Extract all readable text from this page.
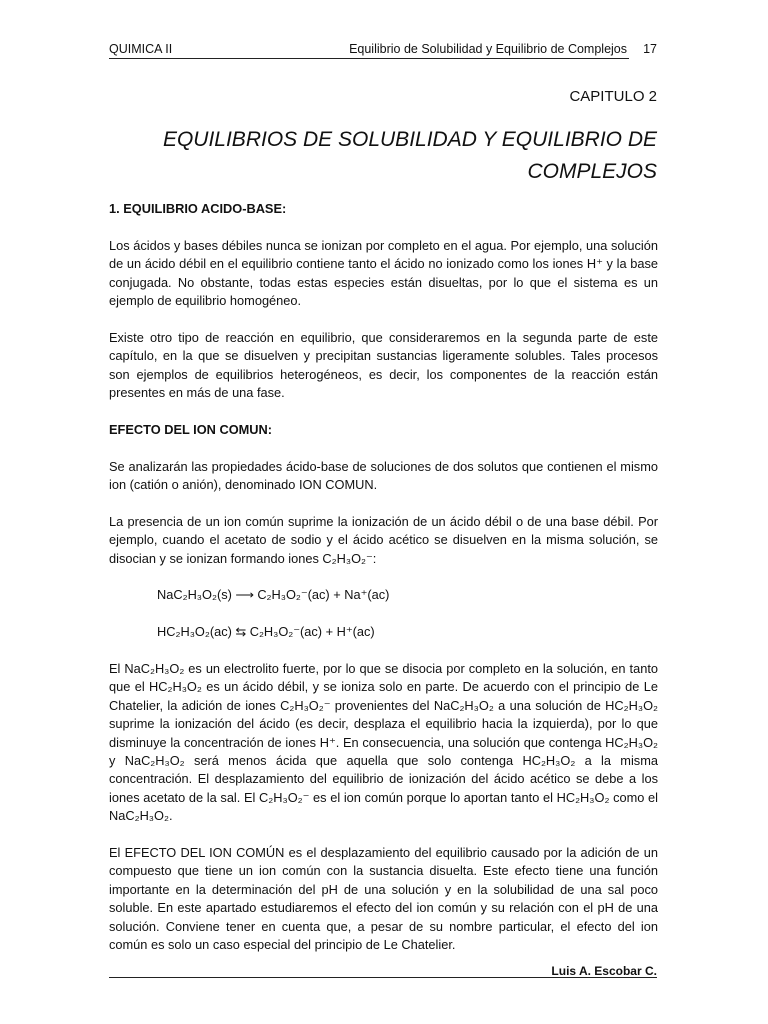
QUIMICA II	Equilibrio de Solubilidad y Equilibrio de Complejos 17
CAPITULO 2
EQUILIBRIOS DE SOLUBILIDAD Y EQUILIBRIO DE
COMPLEJOS

1. EQUILIBRIO ACIDO-BASE:

Los ácidos y bases débiles nunca se ionizan por completo en el agua. Por ejemplo, una solución de un ácido débil en el equilibrio contiene tanto el ácido no ionizado como los iones H⁺ y la base conjugada. No obstante, todas estas especies están disueltas, por lo que el sistema es un ejemplo de equilibrio homogéneo.

Existe otro tipo de reacción en equilibrio, que consideraremos en la segunda parte de este capítulo, en la que se disuelven y precipitan sustancias ligeramente solubles. Tales procesos son ejemplos de equilibrios heterogéneos, es decir, los componentes de la reacción están presentes en más de una fase.

EFECTO DEL ION COMUN:

Se analizarán las propiedades ácido-base de soluciones de dos solutos que contienen el mismo ion (catión o anión), denominado ION COMUN.

La presencia de un ion común suprime la ionización de un ácido débil o de una base débil. Por ejemplo, cuando el acetato de sodio y el ácido acético se disuelven en la misma solución, se disocian y se ionizan formando iones C₂H₃O₂⁻:

NaC₂H₃O₂(s) ⟶ C₂H₃O₂⁻(ac) + Na⁺(ac)

HC₂H₃O₂(ac) ⇆ C₂H₃O₂⁻(ac) + H⁺(ac)

El NaC₂H₃O₂ es un electrolito fuerte, por lo que se disocia por completo en la solución, en tanto que el HC₂H₃O₂ es un ácido débil, y se ioniza solo en parte. De acuerdo con el principio de Le Chatelier, la adición de iones C₂H₃O₂⁻ provenientes del NaC₂H₃O₂ a una solución de HC₂H₃O₂ suprime la ionización del ácido (es decir, desplaza el equilibrio hacia la izquierda), por lo que disminuye la concentración de iones H⁺. En consecuencia, una solución que contenga HC₂H₃O₂ y NaC₂H₃O₂ será menos ácida que aquella que solo contenga HC₂H₃O₂ a la misma concentración. El desplazamiento del equilibrio de ionización del ácido acético se debe a los iones acetato de la sal. El C₂H₃O₂⁻ es el ion común porque lo aportan tanto el HC₂H₃O₂ como el NaC₂H₃O₂.

El EFECTO DEL ION COMÚN es el desplazamiento del equilibrio causado por la adición de un compuesto que tiene un ion común con la sustancia disuelta. Este efecto tiene una función importante en la determinación del pH de una solución y en la solubilidad de una sal poco soluble. En este apartado estudiaremos el efecto del ion común y su relación con el pH de una solución. Conviene tener en cuenta que, a pesar de su nombre particular, el efecto del ion común es solo un caso especial del principio de Le Chatelier.

Luis A. Escobar C.
